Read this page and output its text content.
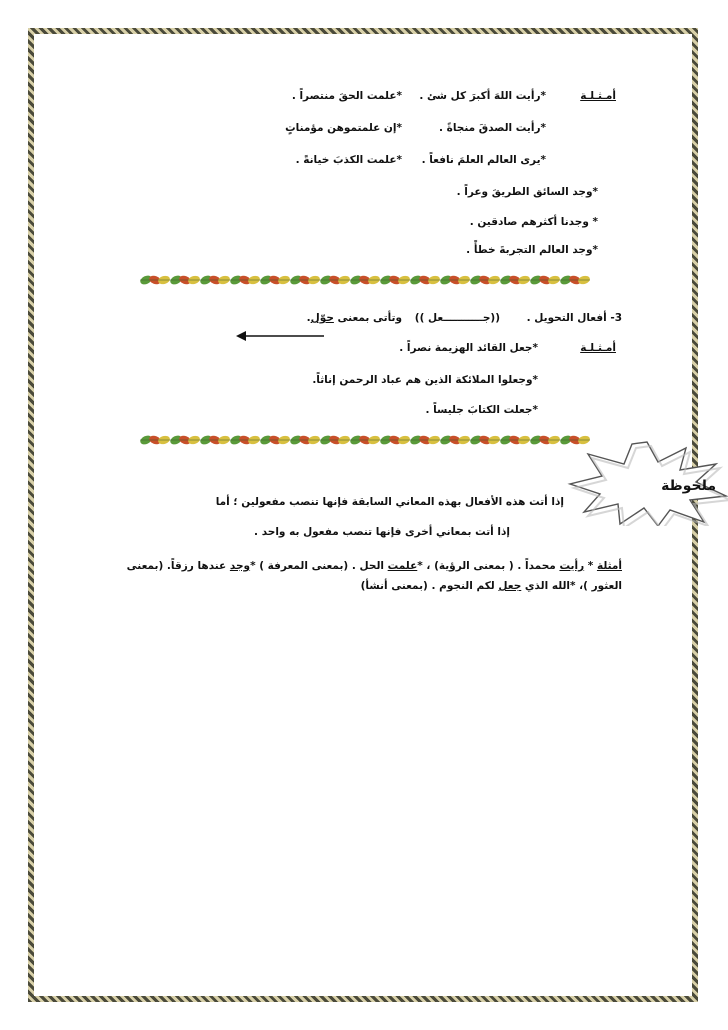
أمـثـلـة
*رأيت اللهَ أكبرَ كل شئ .
*علمت الحقَ منتصراً .
*رأيت الصدقَ منجاةً .
*إن علمتموهن مؤمناتٍ
*يرى العالم العلمَ نافعاً .
*علمت الكذبَ خيانةً .
*وجد السائق الطريقَ وعراً .
* وجدنا أكثرهم صادقين .
*وجد العالم التجربةَ خطأً .
3- أفعال التحويل .
((جـــــــــــعل ))
وتأتى بمعنى حوّل.
أمـثـلـة
*جعل القائد الهزيمة نصراً .
*وجعلوا الملائكة الذين هم عباد الرحمن إناثاً.
*جعلت الكتابَ جليساً .
ملحوظة
إذا أتت هذه الأفعال بهذه المعاني السابقة فإنها تنصب مفعولين ؛ أما
إذا أتت بمعاني أخرى فإنها تنصب مفعول به واحد .
أمثلة * رأيت محمداً . ( بمعنى الرؤية) ، *علمت الحل . (بمعنى المعرفة ) *وجد عندها رزقاً. (بمعنى
العثور )، *الله الذي جعل لكم النجوم . (بمعنى أنشأ)
